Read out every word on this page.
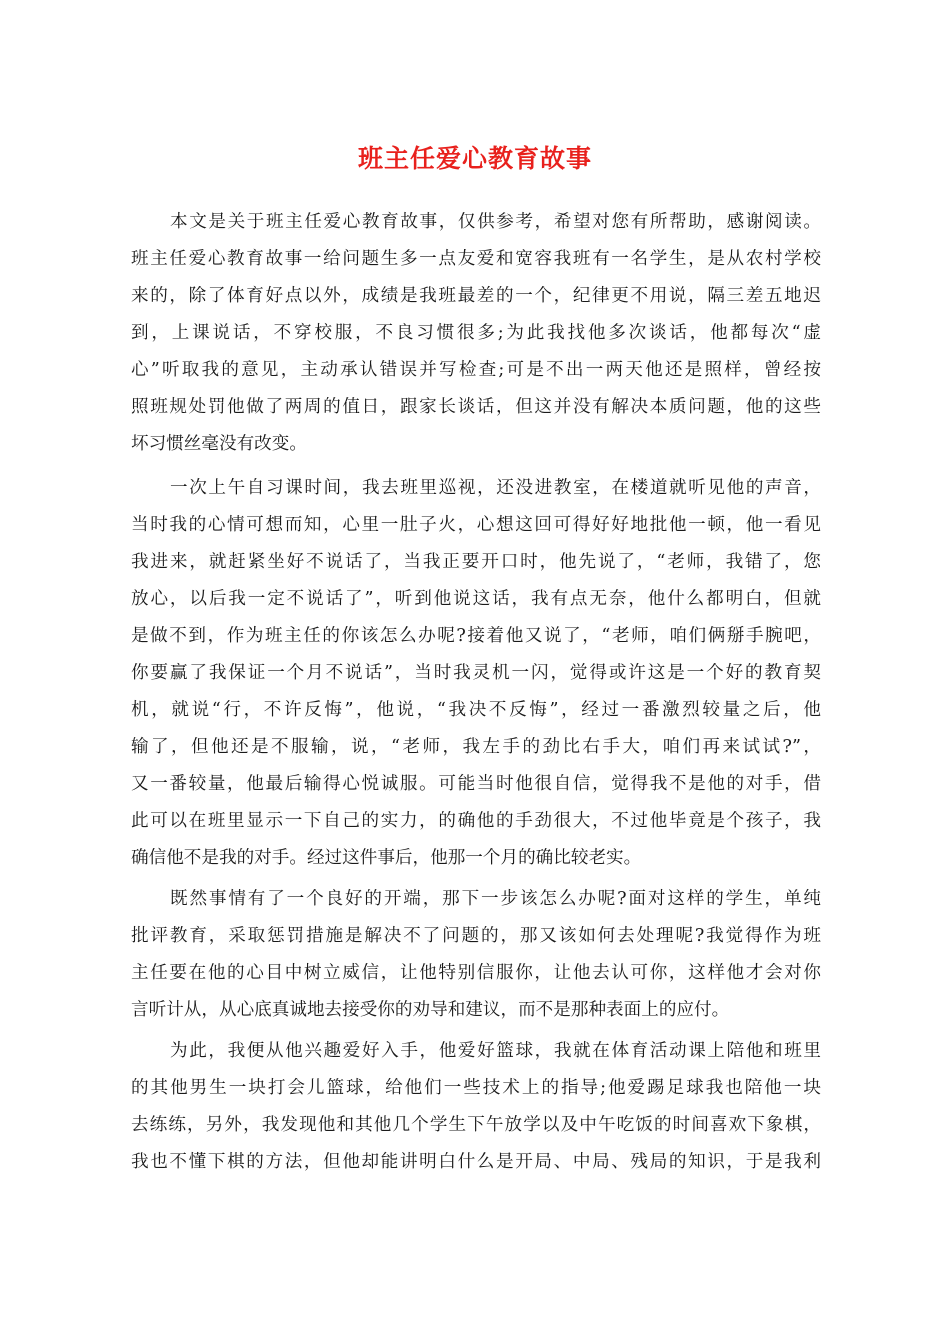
班主任爱心教育故事
本文是关于班主任爱心教育故事，仅供参考，希望对您有所帮助，感谢阅读。
班主任爱心教育故事一给问题生多一点友爱和宽容我班有一名学生，是从农村学校
来的，除了体育好点以外，成绩是我班最差的一个，纪律更不用说，隔三差五地迟
到，上课说话，不穿校服，不良习惯很多;为此我找他多次谈话，他都每次“虚
心”听取我的意见，主动承认错误并写检查;可是不出一两天他还是照样，曾经按
照班规处罚他做了两周的值日，跟家长谈话，但这并没有解决本质问题，他的这些
坏习惯丝毫没有改变。
一次上午自习课时间，我去班里巡视，还没进教室，在楼道就听见他的声音，
当时我的心情可想而知，心里一肚子火，心想这回可得好好地批他一顿，他一看见
我进来，就赶紧坐好不说话了，当我正要开口时，他先说了，“老师，我错了，您
放心，以后我一定不说话了”，听到他说这话，我有点无奈，他什么都明白，但就
是做不到，作为班主任的你该怎么办呢?接着他又说了，“老师，咱们俩掰手腕吧，
你要赢了我保证一个月不说话”，当时我灵机一闪，觉得或许这是一个好的教育契
机，就说“行，不许反悔”，他说，“我决不反悔”，经过一番激烈较量之后，他
输了，但他还是不服输，说，“老师，我左手的劲比右手大，咱们再来试试?”，
又一番较量，他最后输得心悦诚服。可能当时他很自信，觉得我不是他的对手，借
此可以在班里显示一下自己的实力，的确他的手劲很大，不过他毕竟是个孩子，我
确信他不是我的对手。经过这件事后，他那一个月的确比较老实。
既然事情有了一个良好的开端，那下一步该怎么办呢?面对这样的学生，单纯
批评教育，采取惩罚措施是解决不了问题的，那又该如何去处理呢?我觉得作为班
主任要在他的心目中树立威信，让他特别信服你，让他去认可你，这样他才会对你
言听计从，从心底真诚地去接受你的劝导和建议，而不是那种表面上的应付。
为此，我便从他兴趣爱好入手，他爱好篮球，我就在体育活动课上陪他和班里
的其他男生一块打会儿篮球，给他们一些技术上的指导;他爱踢足球我也陪他一块
去练练，另外，我发现他和其他几个学生下午放学以及中午吃饭的时间喜欢下象棋，
我也不懂下棋的方法，但他却能讲明白什么是开局、中局、残局的知识，于是我利
